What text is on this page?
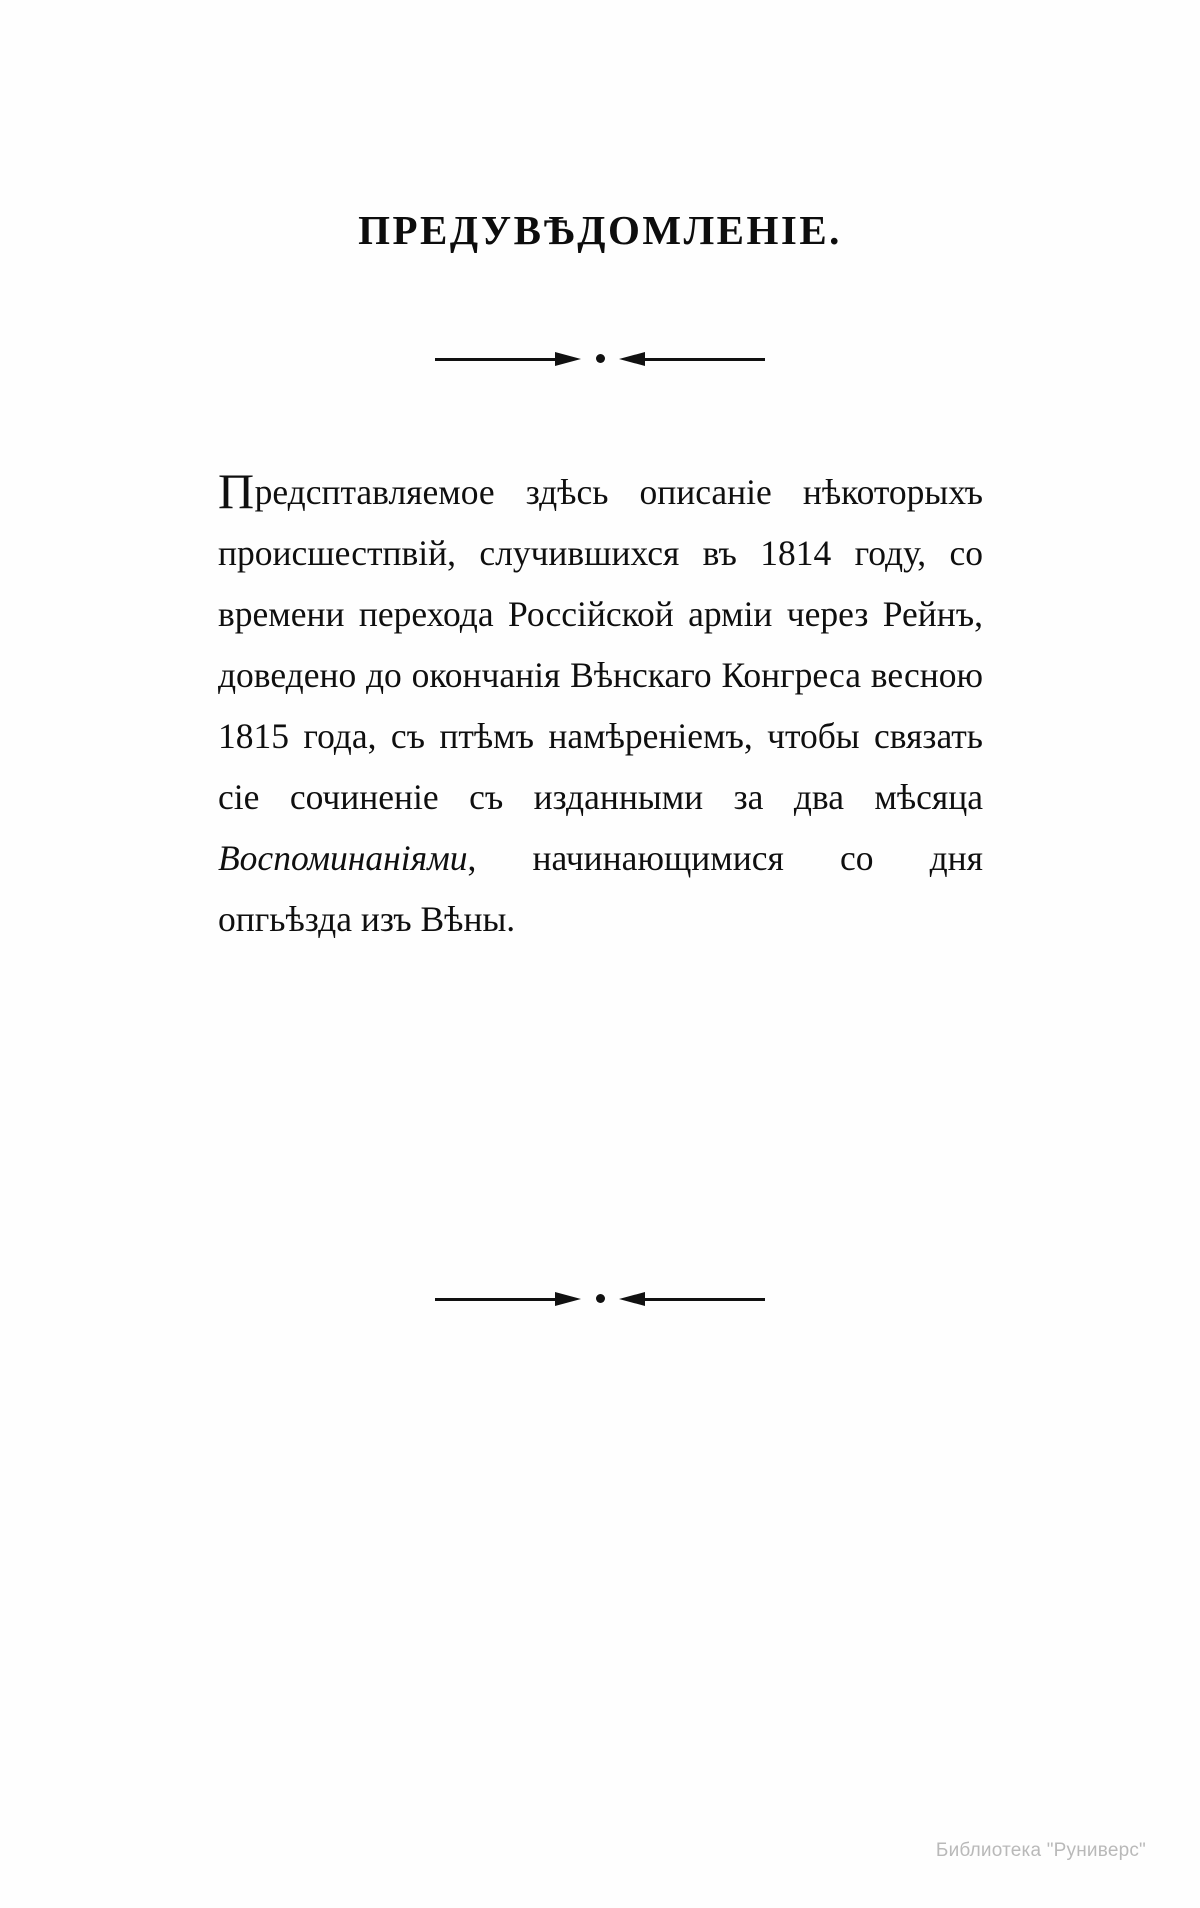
ПРЕДУВѢДОМЛЕНIЕ.

Предсптавляемое здѣсь описаніе нѣкоторыхъ происшестпвій, случившихся въ 1814 году, со времени перехода Россійской арміи через Рейнъ, доведено до окончанія Вѣнскаго Конгреса весною 1815 года, съ птѣмъ намѣреніемъ, чтобы связать сіе сочиненіе съ изданными за два мѣсяца Воспоминаніями, начинающимися со дня опгьѣзда изъ Вѣны.

Библиотека "Руниверс"
